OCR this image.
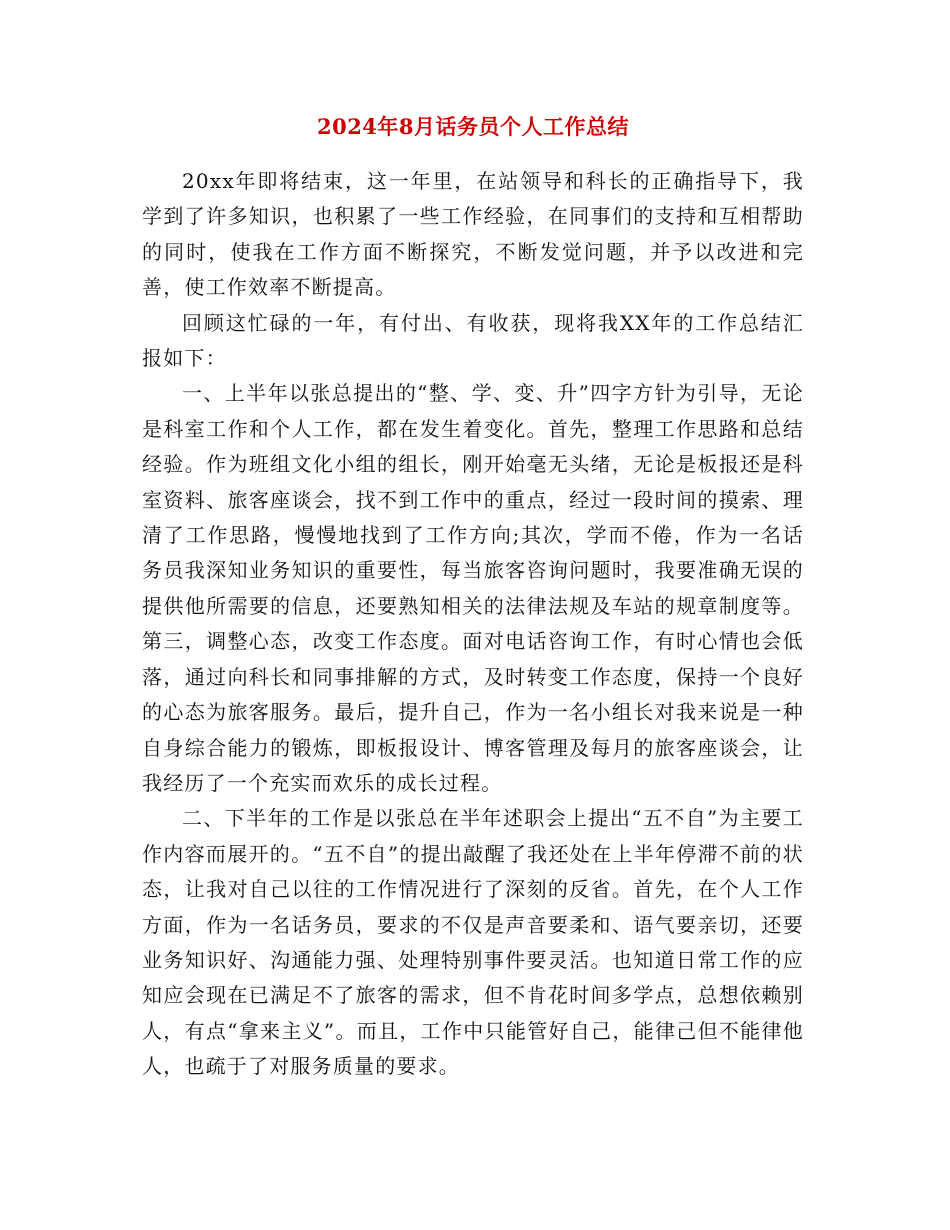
2024年8月话务员个人工作总结

20xx年即将结束，这一年里，在站领导和科长的正确指导下，我学到了许多知识，也积累了一些工作经验，在同事们的支持和互相帮助的同时，使我在工作方面不断探究，不断发觉问题，并予以改进和完善，使工作效率不断提高。

回顾这忙碌的一年，有付出、有收获，现将我XX年的工作总结汇报如下：

一、上半年以张总提出的“整、学、变、升”四字方针为引导，无论是科室工作和个人工作，都在发生着变化。首先，整理工作思路和总结经验。作为班组文化小组的组长，刚开始毫无头绪，无论是板报还是科室资料、旅客座谈会，找不到工作中的重点，经过一段时间的摸索、理清了工作思路，慢慢地找到了工作方向;其次，学而不倦，作为一名话务员我深知业务知识的重要性，每当旅客咨询问题时，我要准确无误的提供他所需要的信息，还要熟知相关的法律法规及车站的规章制度等。第三，调整心态，改变工作态度。面对电话咨询工作，有时心情也会低落，通过向科长和同事排解的方式，及时转变工作态度，保持一个良好的心态为旅客服务。最后，提升自己，作为一名小组长对我来说是一种自身综合能力的锻炼，即板报设计、博客管理及每月的旅客座谈会，让我经历了一个充实而欢乐的成长过程。

二、下半年的工作是以张总在半年述职会上提出“五不自”为主要工作内容而展开的。“五不自”的提出敲醒了我还处在上半年停滞不前的状态，让我对自己以往的工作情况进行了深刻的反省。首先，在个人工作方面，作为一名话务员，要求的不仅是声音要柔和、语气要亲切，还要业务知识好、沟通能力强、处理特别事件要灵活。也知道日常工作的应知应会现在已满足不了旅客的需求，但不肯花时间多学点，总想依赖别人，有点“拿来主义”。而且，工作中只能管好自己，能律己但不能律他人，也疏于了对服务质量的要求。
